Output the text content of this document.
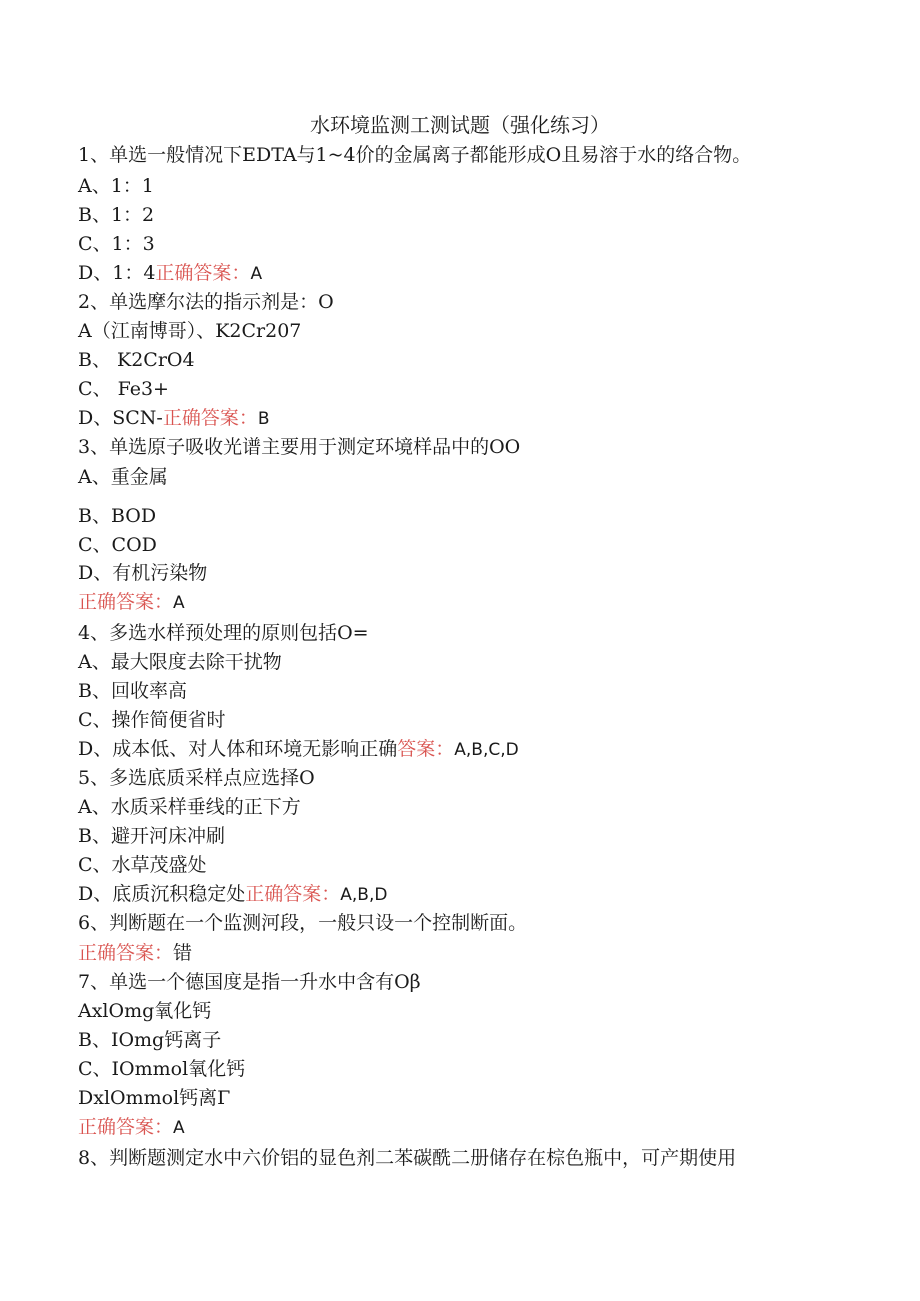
水环境监测工测试题（强化练习）
1、单选一般情况下EDTA与1~4价的金属离子都能形成O且易溶于水的络合物。
A、1：1
B、1：2
C、1：3
D、1：4正确答案：A
2、单选摩尔法的指示剂是：O
A（江南博哥）、K2Cr207
B、 K2CrO4
C、 Fe3+
D、SCN-正确答案：B
3、单选原子吸收光谱主要用于测定环境样品中的OO
A、重金属
B、BOD
C、COD
D、有机污染物
正确答案：A
4、多选水样预处理的原则包括O=
A、最大限度去除干扰物
B、回收率高
C、操作简便省时
D、成本低、对人体和环境无影响正确答案：A,B,C,D
5、多选底质采样点应选择O
A、水质采样垂线的正下方
B、避开河床冲刷
C、水草茂盛处
D、底质沉积稳定处正确答案：A,B,D
6、判断题在一个监测河段，一般只设一个控制断面。
正确答案：错
7、单选一个德国度是指一升水中含有Oβ
AxlOmg氧化钙
B、IOmg钙离子
C、IOmmol氧化钙
DxlOmmol钙离Γ
正确答案：A
8、判断题测定水中六价铝的显色剂二苯碳酰二册储存在棕色瓶中，可产期使用
